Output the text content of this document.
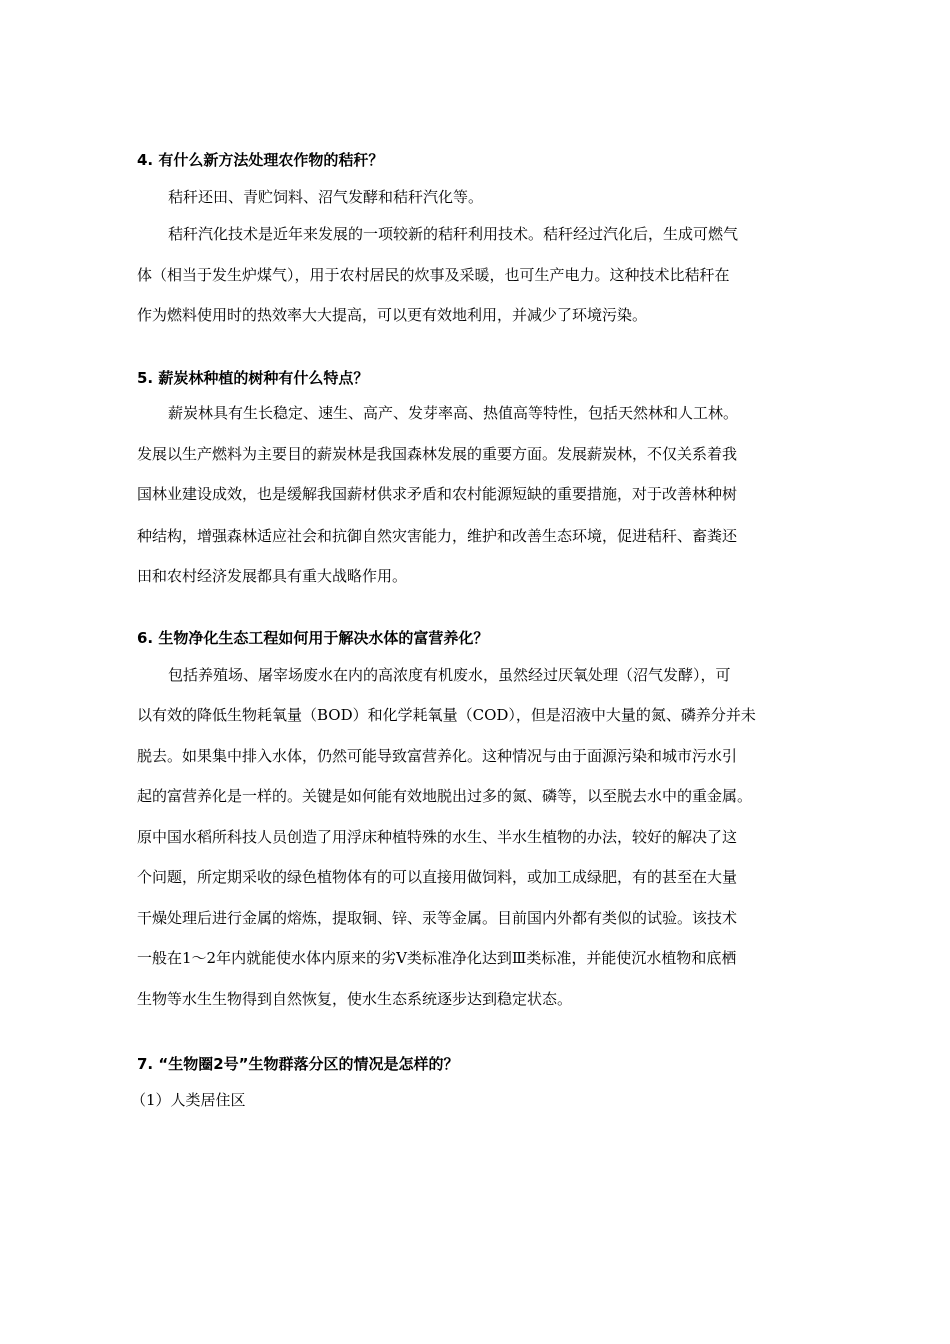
4. 有什么新方法处理农作物的秸秆？
秸秆还田、青贮饲料、沼气发酵和秸秆汽化等。
秸秆汽化技术是近年来发展的一项较新的秸秆利用技术。秸秆经过汽化后，生成可燃气
体（相当于发生炉煤气），用于农村居民的炊事及采暖，也可生产电力。这种技术比秸秆在
作为燃料使用时的热效率大大提高，可以更有效地利用，并减少了环境污染。
5. 薪炭林种植的树种有什么特点？
薪炭林具有生长稳定、速生、高产、发芽率高、热值高等特性，包括天然林和人工林。
发展以生产燃料为主要目的薪炭林是我国森林发展的重要方面。发展薪炭林，不仅关系着我
国林业建设成效，也是缓解我国薪材供求矛盾和农村能源短缺的重要措施，对于改善林种树
种结构，增强森林适应社会和抗御自然灾害能力，维护和改善生态环境，促进秸秆、畜粪还
田和农村经济发展都具有重大战略作用。
6. 生物净化生态工程如何用于解决水体的富营养化？
包括养殖场、屠宰场废水在内的高浓度有机废水，虽然经过厌氧处理（沼气发酵），可
以有效的降低生物耗氧量（BOD）和化学耗氧量（COD），但是沼液中大量的氮、磷养分并未
脱去。如果集中排入水体，仍然可能导致富营养化。这种情况与由于面源污染和城市污水引
起的富营养化是一样的。关键是如何能有效地脱出过多的氮、磷等，以至脱去水中的重金属。
原中国水稻所科技人员创造了用浮床种植特殊的水生、半水生植物的办法，较好的解决了这
个问题，所定期采收的绿色植物体有的可以直接用做饲料，或加工成绿肥，有的甚至在大量
干燥处理后进行金属的熔炼，提取铜、锌、汞等金属。目前国内外都有类似的试验。该技术
一般在1～2年内就能使水体内原来的劣Ⅴ类标准净化达到Ⅲ类标准，并能使沉水植物和底栖
生物等水生生物得到自然恢复，使水生态系统逐步达到稳定状态。
7. “生物圈2号”生物群落分区的情况是怎样的？
（1）人类居住区
